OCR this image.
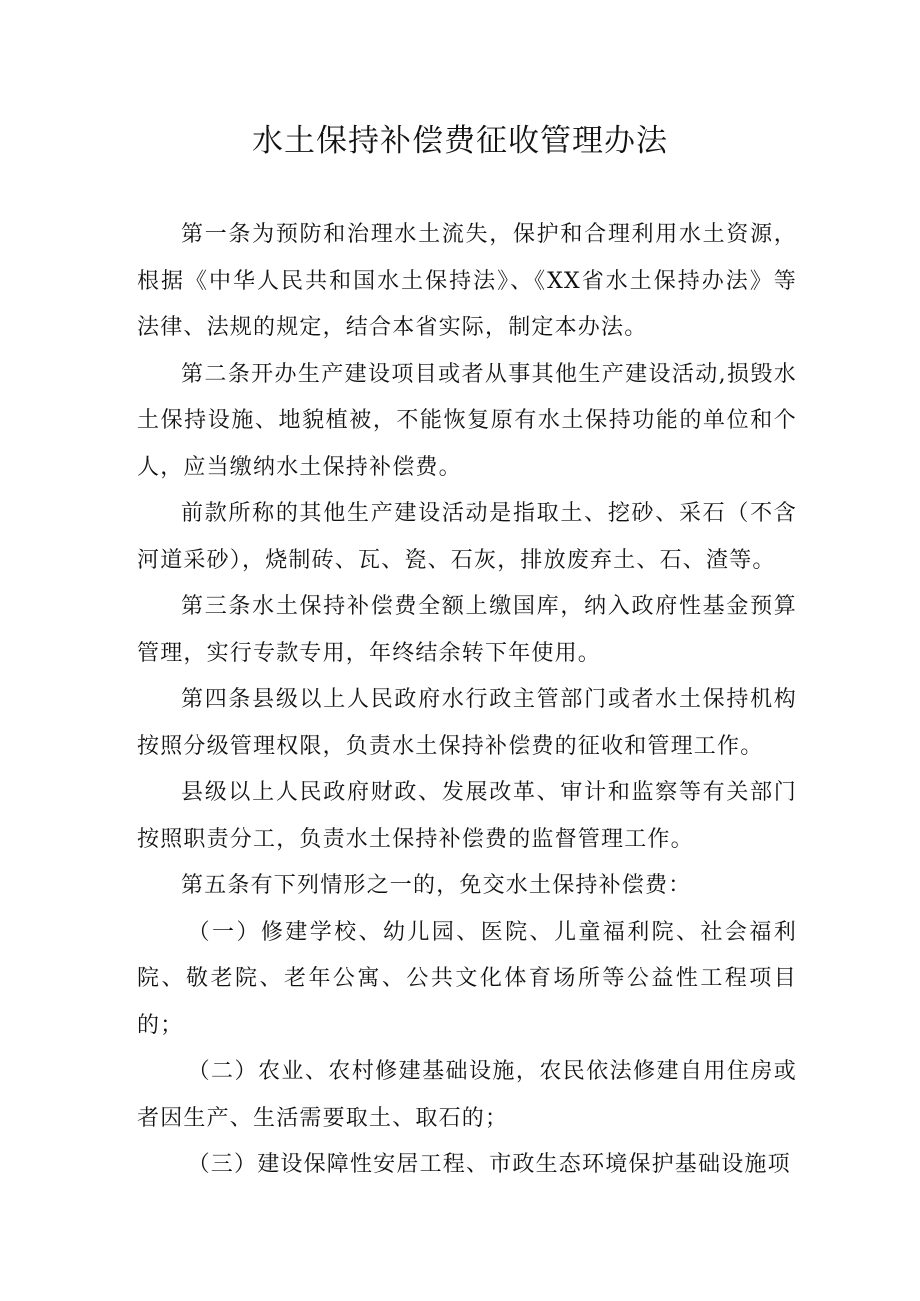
水土保持补偿费征收管理办法

第一条为预防和治理水土流失，保护和合理利用水土资源，根据《中华人民共和国水土保持法》、《XX省水土保持办法》等法律、法规的规定，结合本省实际，制定本办法。

第二条开办生产建设项目或者从事其他生产建设活动,损毁水土保持设施、地貌植被，不能恢复原有水土保持功能的单位和个人，应当缴纳水土保持补偿费。

前款所称的其他生产建设活动是指取土、挖砂、采石（不含河道采砂），烧制砖、瓦、瓷、石灰，排放废弃土、石、渣等。

第三条水土保持补偿费全额上缴国库，纳入政府性基金预算管理，实行专款专用，年终结余转下年使用。

第四条县级以上人民政府水行政主管部门或者水土保持机构按照分级管理权限，负责水土保持补偿费的征收和管理工作。

县级以上人民政府财政、发展改革、审计和监察等有关部门按照职责分工，负责水土保持补偿费的监督管理工作。

第五条有下列情形之一的，免交水土保持补偿费：

（一）修建学校、幼儿园、医院、儿童福利院、社会福利院、敬老院、老年公寓、公共文化体育场所等公益性工程项目的；

（二）农业、农村修建基础设施，农民依法修建自用住房或者因生产、生活需要取土、取石的；

（三）建设保障性安居工程、市政生态环境保护基础设施项
